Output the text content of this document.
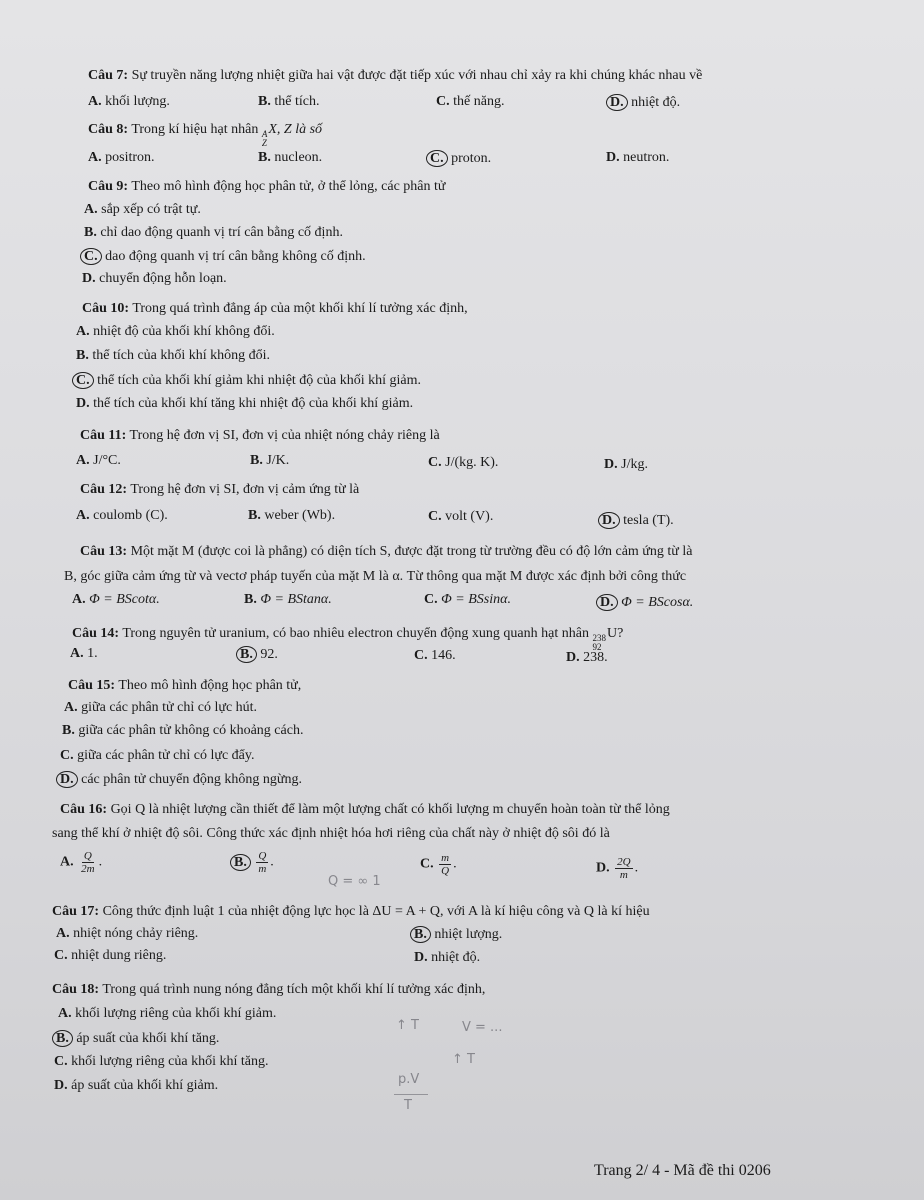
Câu 7: Sự truyền năng lượng nhiệt giữa hai vật được đặt tiếp xúc với nhau chỉ xảy ra khi chúng khác nhau về
A. khối lượng.	B. thể tích.	C. thế năng.	D. nhiệt độ.
Câu 8: Trong kí hiệu hạt nhân A
Z
X, Z là số
A. positron.	B. nucleon.	C. proton.	D. neutron.
Câu 9: Theo mô hình động học phân tử, ở thể lỏng, các phân tử
A. sắp xếp có trật tự.
B. chỉ dao động quanh vị trí cân bằng cố định.
C. dao động quanh vị trí cân bằng không cố định.
D. chuyển động hỗn loạn.
Câu 10: Trong quá trình đẳng áp của một khối khí lí tưởng xác định,
A. nhiệt độ của khối khí không đổi.
B. thể tích của khối khí không đổi.
C. thể tích của khối khí giảm khi nhiệt độ của khối khí giảm.
D. thể tích của khối khí tăng khi nhiệt độ của khối khí giảm.
Câu 11: Trong hệ đơn vị SI, đơn vị của nhiệt nóng chảy riêng là
A. J/°C.	B. J/K.	C. J/(kg. K).	D. J/kg.
Câu 12: Trong hệ đơn vị SI, đơn vị cảm ứng từ là
A. coulomb (C).	B. weber (Wb).	C. volt (V).	D. tesla (T).
Câu 13: Một mặt M (được coi là phẳng) có diện tích S, được đặt trong từ trường đều có độ lớn cảm ứng từ là
B, góc giữa cảm ứng từ và vectơ pháp tuyến của mặt M là α. Từ thông qua mặt M được xác định bởi công thức
A. Φ = BScotα.	B. Φ = BStanα.	C. Φ = BSsinα.	D. Φ = BScosα.
Câu 14: Trong nguyên tử uranium, có bao nhiêu electron chuyển động xung quanh hạt nhân 238
92
U?
A. 1.	B. 92.	C. 146.	D. 238.
Câu 15: Theo mô hình động học phân tử,
A. giữa các phân tử chỉ có lực hút.
B. giữa các phân tử không có khoảng cách.
C. giữa các phân tử chỉ có lực đẩy.
D. các phân tử chuyển động không ngừng.
Câu 16: Gọi Q là nhiệt lượng cần thiết để làm một lượng chất có khối lượng m chuyển hoàn toàn từ thể lỏng
sang thể khí ở nhiệt độ sôi. Công thức xác định nhiệt hóa hơi riêng của chất này ở nhiệt độ sôi đó là
A. $\frac{Q}{2m}$ .	B. $\frac{Q}{m}$ .	C. $\frac{m}{Q}$ .	D. $\frac{2Q}{m}$ .
Câu 17: Công thức định luật 1 của nhiệt động lực học là ΔU = A + Q, với A là kí hiệu công và Q là kí hiệu
A. nhiệt nóng chảy riêng.	B. nhiệt lượng.
C. nhiệt dung riêng.	D. nhiệt độ.
Câu 18: Trong quá trình nung nóng đẳng tích một khối khí lí tưởng xác định,
A. khối lượng riêng của khối khí giảm.
B. áp suất của khối khí tăng.
C. khối lượng riêng của khối khí tăng.
D. áp suất của khối khí giảm.
Q = ∞ 1
↑ T	V = ...
↑ T
p.V
T
Trang 2/ 4 - Mã đề thi 0206
